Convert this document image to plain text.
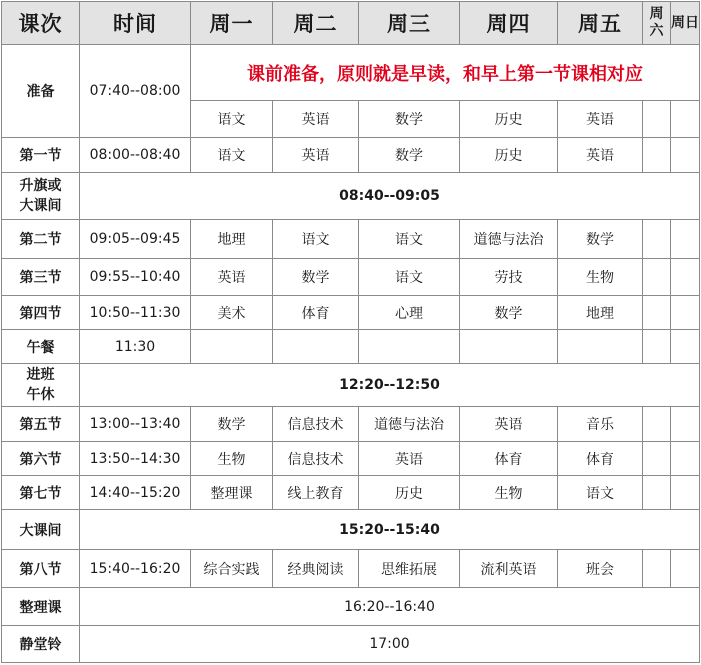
课次	时间	周一	周二	周三	周四	周五	周六	周日
准备	07:40--08:00	课前准备，原则就是早读，和早上第一节课相对应						
		语文	英语	数学	历史	英语		
第一节	08:00--08:40	语文	英语	数学	历史	英语		
升旗或
大课间	08:40--09:05							
第二节	09:05--09:45	地理	语文	语文	道德与法治	数学		
第三节	09:55--10:40	英语	数学	语文	劳技	生物		
第四节	10:50--11:30	美术	体育	心理	数学	地理		
午餐	11:30							
进班
午休	12:20--12:50							
第五节	13:00--13:40	数学	信息技术	道德与法治	英语	音乐		
第六节	13:50--14:30	生物	信息技术	英语	体育	体育		
第七节	14:40--15:20	整理课	线上教育	历史	生物	语文		
大课间	15:20--15:40							
第八节	15:40--16:20	综合实践	经典阅读	思维拓展	流利英语	班会		
整理课	16:20--16:40							
静堂铃	17:00							
